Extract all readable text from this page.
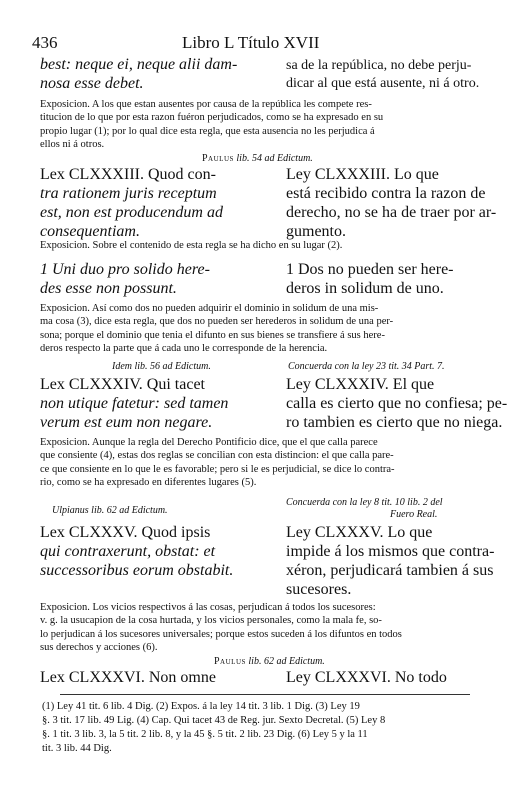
436	Libro L Título XVII
best: neque ei, neque alii dam-
nosa esse debet.
sa de la república, no debe perju-
dicar al que está ausente, ni á otro.
Exposicion. A los que estan ausentes por causa de la república les compete res-
titucion de lo que por esta razon fuéron perjudicados, como se ha expresado en su
propio lugar (1); por lo qual dice esta regla, que esta ausencia no les perjudica á
ellos ni á otros.
Paulus lib. 54 ad Edictum.
Lex CLXXXIII. Quod con-
tra rationem juris receptum
est, non est producendum ad
consequentiam.
Ley CLXXXIII. Lo que
está recibido contra la razon de
derecho, no se ha de traer por ar-
gumento.
Exposicion. Sobre el contenido de esta regla se ha dicho en su lugar (2).
1 Uni duo pro solido here-
des esse non possunt.
1 Dos no pueden ser here-
deros in solidum de uno.
Exposicion. Así como dos no pueden adquirir el dominio in solidum de una mis-
ma cosa (3), dice esta regla, que dos no pueden ser herederos in solidum de una per-
sona; porque el dominio que tenia el difunto en sus bienes se transfiere á sus here-
deros respecto la parte que á cada uno le corresponde de la herencia.
Idem lib. 56 ad Edictum.	Concuerda con la ley 23 tit. 34 Part. 7.
Lex CLXXXIV. Qui tacet
non utique fatetur: sed tamen
verum est eum non negare.
Ley CLXXXIV. El que
calla es cierto que no confiesa; pe-
ro tambien es cierto que no niega.
Exposicion. Aunque la regla del Derecho Pontificio dice, que el que calla parece
que consiente (4), estas dos reglas se concilian con esta distincion: el que calla pare-
ce que consiente en lo que le es favorable; pero si le es perjudicial, se dice lo contra-
rio, como se ha expresado en diferentes lugares (5).
Ulpianus lib. 62 ad Edictum.
Concuerda con la ley 8 tit. 10 lib. 2 del
Fuero Real.
Lex CLXXXV. Quod ipsis
qui contraxerunt, obstat: et
successoribus eorum obstabit.
Ley CLXXXV. Lo que
impide á los mismos que contra-
xéron, perjudicará tambien á sus
sucesores.
Exposicion. Los vicios respectivos á las cosas, perjudican á todos los sucesores:
v. g. la usucapion de la cosa hurtada, y los vicios personales, como la mala fe, so-
lo perjudican á los sucesores universales; porque estos suceden á los difuntos en todos
sus derechos y acciones (6).
Paulus lib. 62 ad Edictum.
Lex CLXXXVI. Non omne	Ley CLXXXVI. No todo
(1) Ley 41 tit. 6 lib. 4 Dig. (2) Expos. á la ley 14 tit. 3 lib. 1 Dig. (3) Ley 19
§. 3 tit. 17 lib. 49 Lig. (4) Cap. Qui tacet 43 de Reg. jur. Sexto Decretal. (5) Ley 8
§. 1 tit. 3 lib. 3, la 5 tit. 2 lib. 8, y la 45 §. 5 tit. 2 lib. 23 Dig. (6) Ley 5 y la 11
tit. 3 lib. 44 Dig.
